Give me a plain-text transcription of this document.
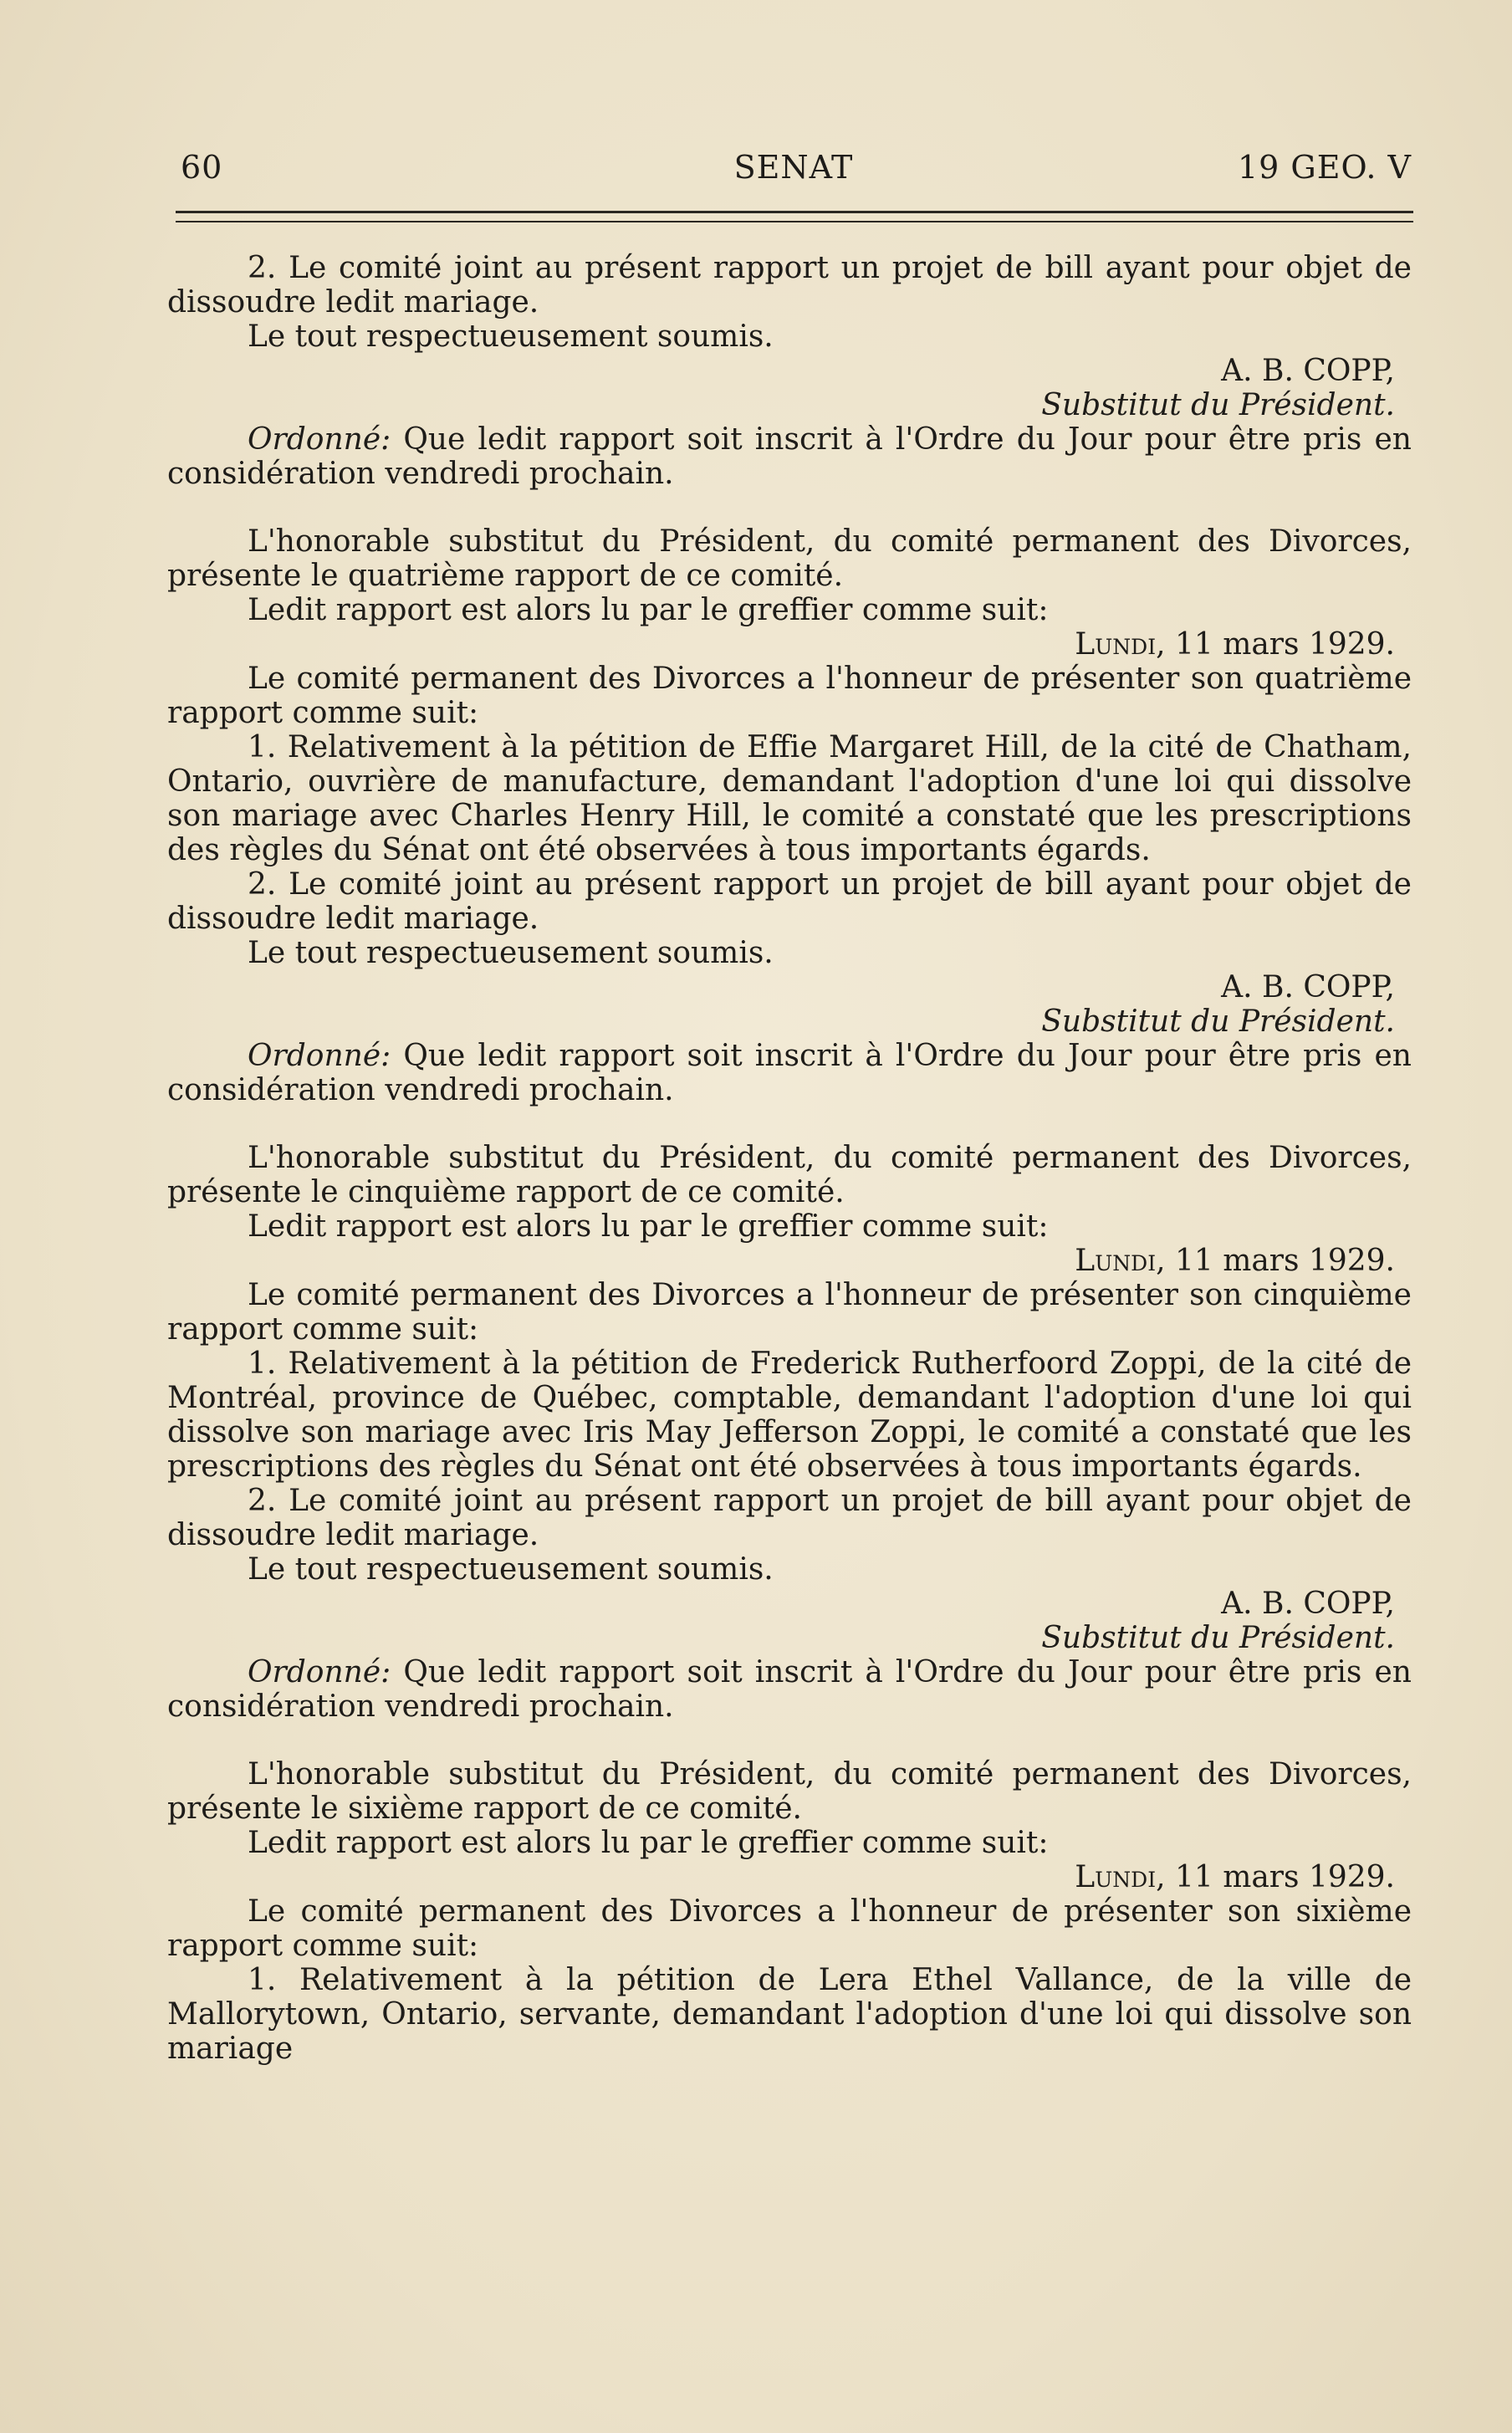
60	SENAT	19 GEO. V

2. Le comité joint au présent rapport un projet de bill ayant pour objet de dissoudre ledit mariage.

Le tout respectueusement soumis.

A. B. COPP,

Substitut du Président.

Ordonné: Que ledit rapport soit inscrit à l'Ordre du Jour pour être pris en considération vendredi prochain.

L'honorable substitut du Président, du comité permanent des Divorces, présente le quatrième rapport de ce comité.

Ledit rapport est alors lu par le greffier comme suit:

Lundi, 11 mars 1929.

Le comité permanent des Divorces a l'honneur de présenter son quatrième rapport comme suit:

1. Relativement à la pétition de Effie Margaret Hill, de la cité de Chatham, Ontario, ouvrière de manufacture, demandant l'adoption d'une loi qui dissolve son mariage avec Charles Henry Hill, le comité a constaté que les prescriptions des règles du Sénat ont été observées à tous importants égards.

2. Le comité joint au présent rapport un projet de bill ayant pour objet de dissoudre ledit mariage.

Le tout respectueusement soumis.

A. B. COPP,

Substitut du Président.

Ordonné: Que ledit rapport soit inscrit à l'Ordre du Jour pour être pris en considération vendredi prochain.

L'honorable substitut du Président, du comité permanent des Divorces, présente le cinquième rapport de ce comité.

Ledit rapport est alors lu par le greffier comme suit:

Lundi, 11 mars 1929.

Le comité permanent des Divorces a l'honneur de présenter son cinquième rapport comme suit:

1. Relativement à la pétition de Frederick Rutherfoord Zoppi, de la cité de Montréal, province de Québec, comptable, demandant l'adoption d'une loi qui dissolve son mariage avec Iris May Jefferson Zoppi, le comité a constaté que les prescriptions des règles du Sénat ont été observées à tous importants égards.

2. Le comité joint au présent rapport un projet de bill ayant pour objet de dissoudre ledit mariage.

Le tout respectueusement soumis.

A. B. COPP,

Substitut du Président.

Ordonné: Que ledit rapport soit inscrit à l'Ordre du Jour pour être pris en considération vendredi prochain.

L'honorable substitut du Président, du comité permanent des Divorces, présente le sixième rapport de ce comité.

Ledit rapport est alors lu par le greffier comme suit:

Lundi, 11 mars 1929.

Le comité permanent des Divorces a l'honneur de présenter son sixième rapport comme suit:

1. Relativement à la pétition de Lera Ethel Vallance, de la ville de Mallorytown, Ontario, servante, demandant l'adoption d'une loi qui dissolve son mariage
